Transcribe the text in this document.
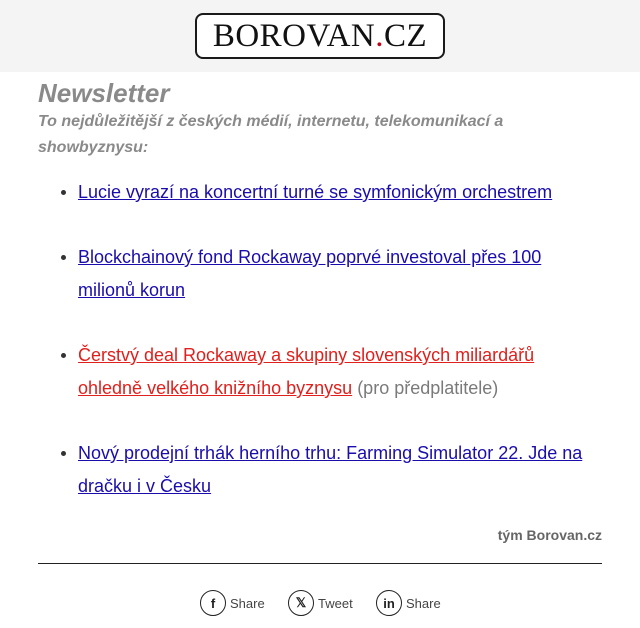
BOROVAN . CZ
Newsletter
To nejdůležitější z českých médií, internetu, telekomunikací a showbyznysu:
Lucie vyrazí na koncertní turné se symfonickým orchestrem
Blockchainový fond Rockaway poprvé investoval přes 100 milionů korun
Čerstvý deal Rockaway a skupiny slovenských miliardářů ohledně velkého knižního byznysu (pro předplatitele)
Nový prodejní trhák herního trhu: Farming Simulator 22. Jde na dračku i v Česku
tým Borovan.cz
f	Share	𝕏 Tweet	in Share
